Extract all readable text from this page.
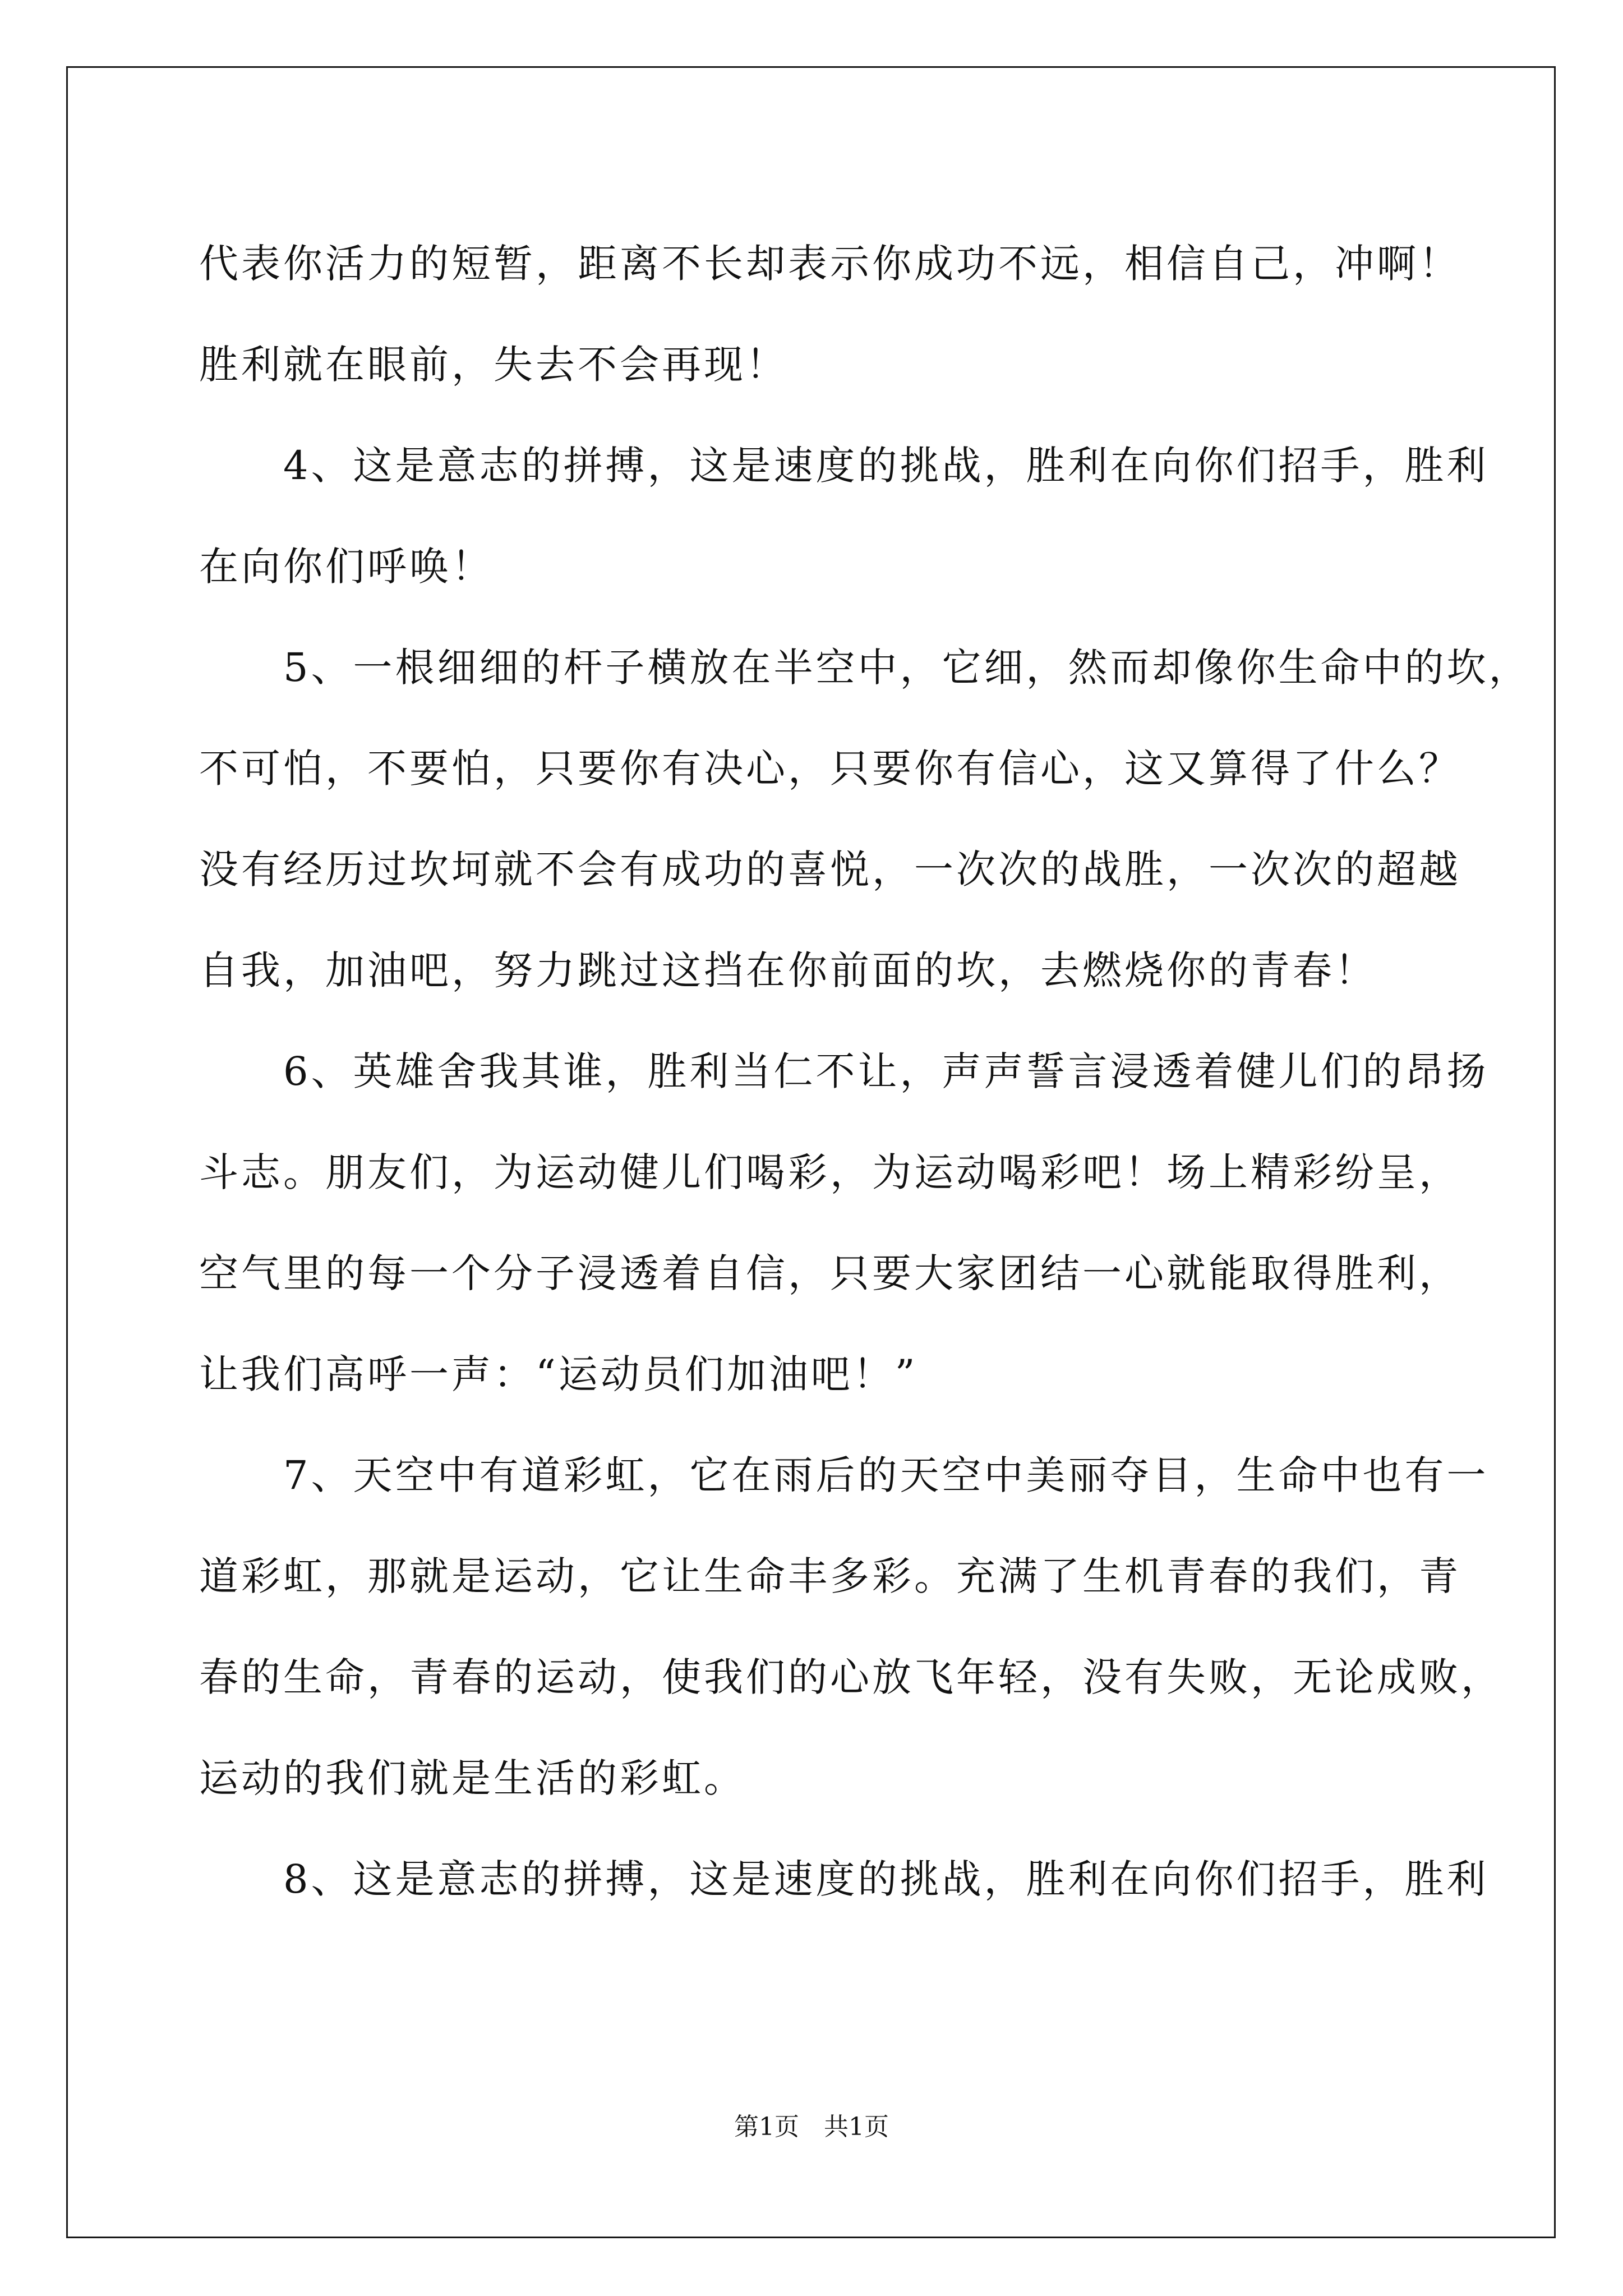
代表你活力的短暂，距离不长却表示你成功不远，相信自己，冲啊！
胜利就在眼前，失去不会再现！
　　4、这是意志的拼搏，这是速度的挑战，胜利在向你们招手，胜利
在向你们呼唤！
　　5、一根细细的杆子横放在半空中，它细，然而却像你生命中的坎，
不可怕，不要怕，只要你有决心，只要你有信心，这又算得了什么？
没有经历过坎坷就不会有成功的喜悦，一次次的战胜，一次次的超越
自我，加油吧，努力跳过这挡在你前面的坎，去燃烧你的青春！
　　6、英雄舍我其谁，胜利当仁不让，声声誓言浸透着健儿们的昂扬
斗志。朋友们，为运动健儿们喝彩，为运动喝彩吧！场上精彩纷呈，
空气里的每一个分子浸透着自信，只要大家团结一心就能取得胜利，
让我们高呼一声：“运动员们加油吧！”
　　7、天空中有道彩虹，它在雨后的天空中美丽夺目，生命中也有一
道彩虹，那就是运动，它让生命丰多彩。充满了生机青春的我们，青
春的生命，青春的运动，使我们的心放飞年轻，没有失败，无论成败，
运动的我们就是生活的彩虹。
　　8、这是意志的拼搏，这是速度的挑战，胜利在向你们招手，胜利
第1页　共1页
